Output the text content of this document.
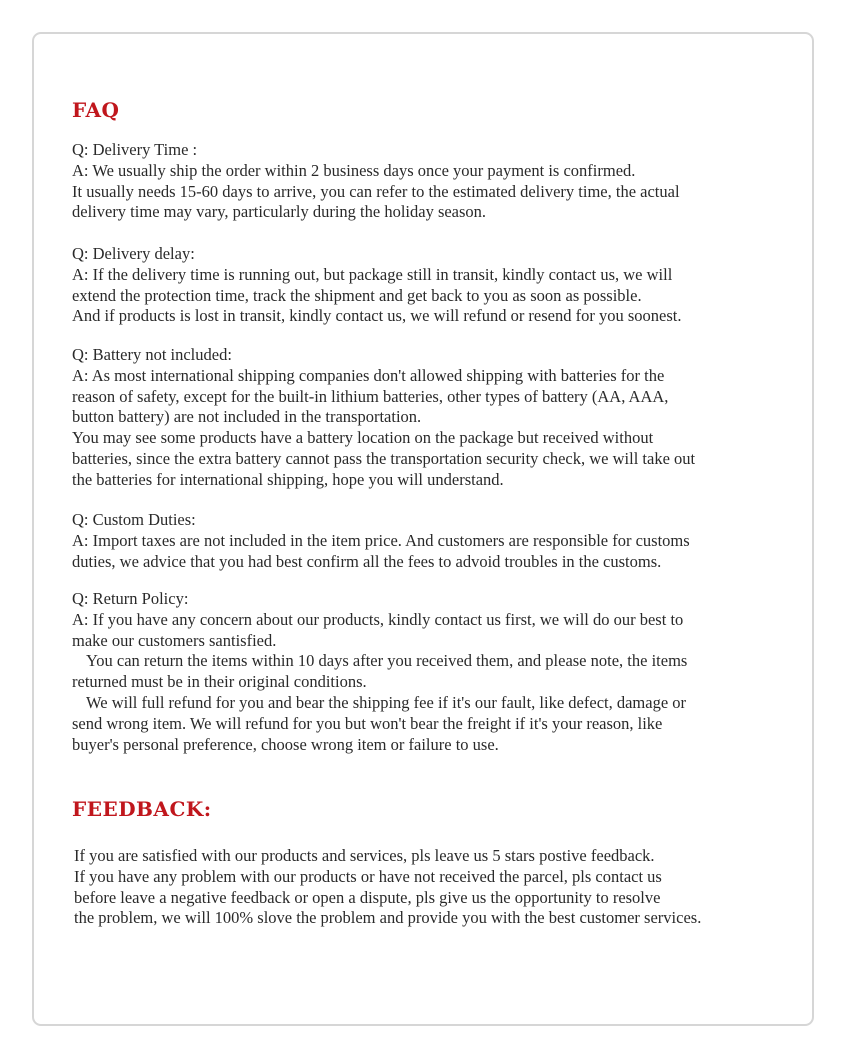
FAQ

Q: Delivery Time :
A: We usually ship the order within 2 business days once your payment is confirmed.
It usually needs 15-60 days to arrive, you can refer to the estimated delivery time, the actual
delivery time may vary, particularly during the holiday season.

Q: Delivery delay:
A: If the delivery time is running out, but package still in transit, kindly contact us, we will
extend the protection time, track the shipment and get back to you as soon as possible.
And if products is lost in transit, kindly contact us, we will refund or resend for you soonest.

Q: Battery not included:
A: As most international shipping companies don't allowed shipping with batteries for the
reason of safety, except for the built-in lithium batteries, other types of battery (AA, AAA,
button battery) are not included in the transportation.
You may see some products have a battery location on the package but received without
batteries, since the extra battery cannot pass the transportation security check, we will take out
the batteries for international shipping, hope you will understand.

Q: Custom Duties:
A: Import taxes are not included in the item price. And customers are responsible for customs
duties, we advice that you had best confirm all the fees to advoid troubles in the customs.

Q: Return Policy:
A: If you have any concern about our products, kindly contact us first, we will do our best to
make our customers santisfied.
You can return the items within 10 days after you received them, and please note, the items
returned must be in their original conditions.
We will full refund for you and bear the shipping fee if it's our fault, like defect, damage or
send wrong item. We will refund for you but won't bear the freight if it's your reason, like
buyer's personal preference, choose wrong item or failure to use.

FEEDBACK:

If you are satisfied with our products and services, pls leave us 5 stars postive feedback.
If you have any problem with our products or have not received the parcel, pls contact us
before leave a negative feedback or open a dispute, pls give us the opportunity to resolve
the problem, we will 100% slove the problem and provide you with the best customer services.
